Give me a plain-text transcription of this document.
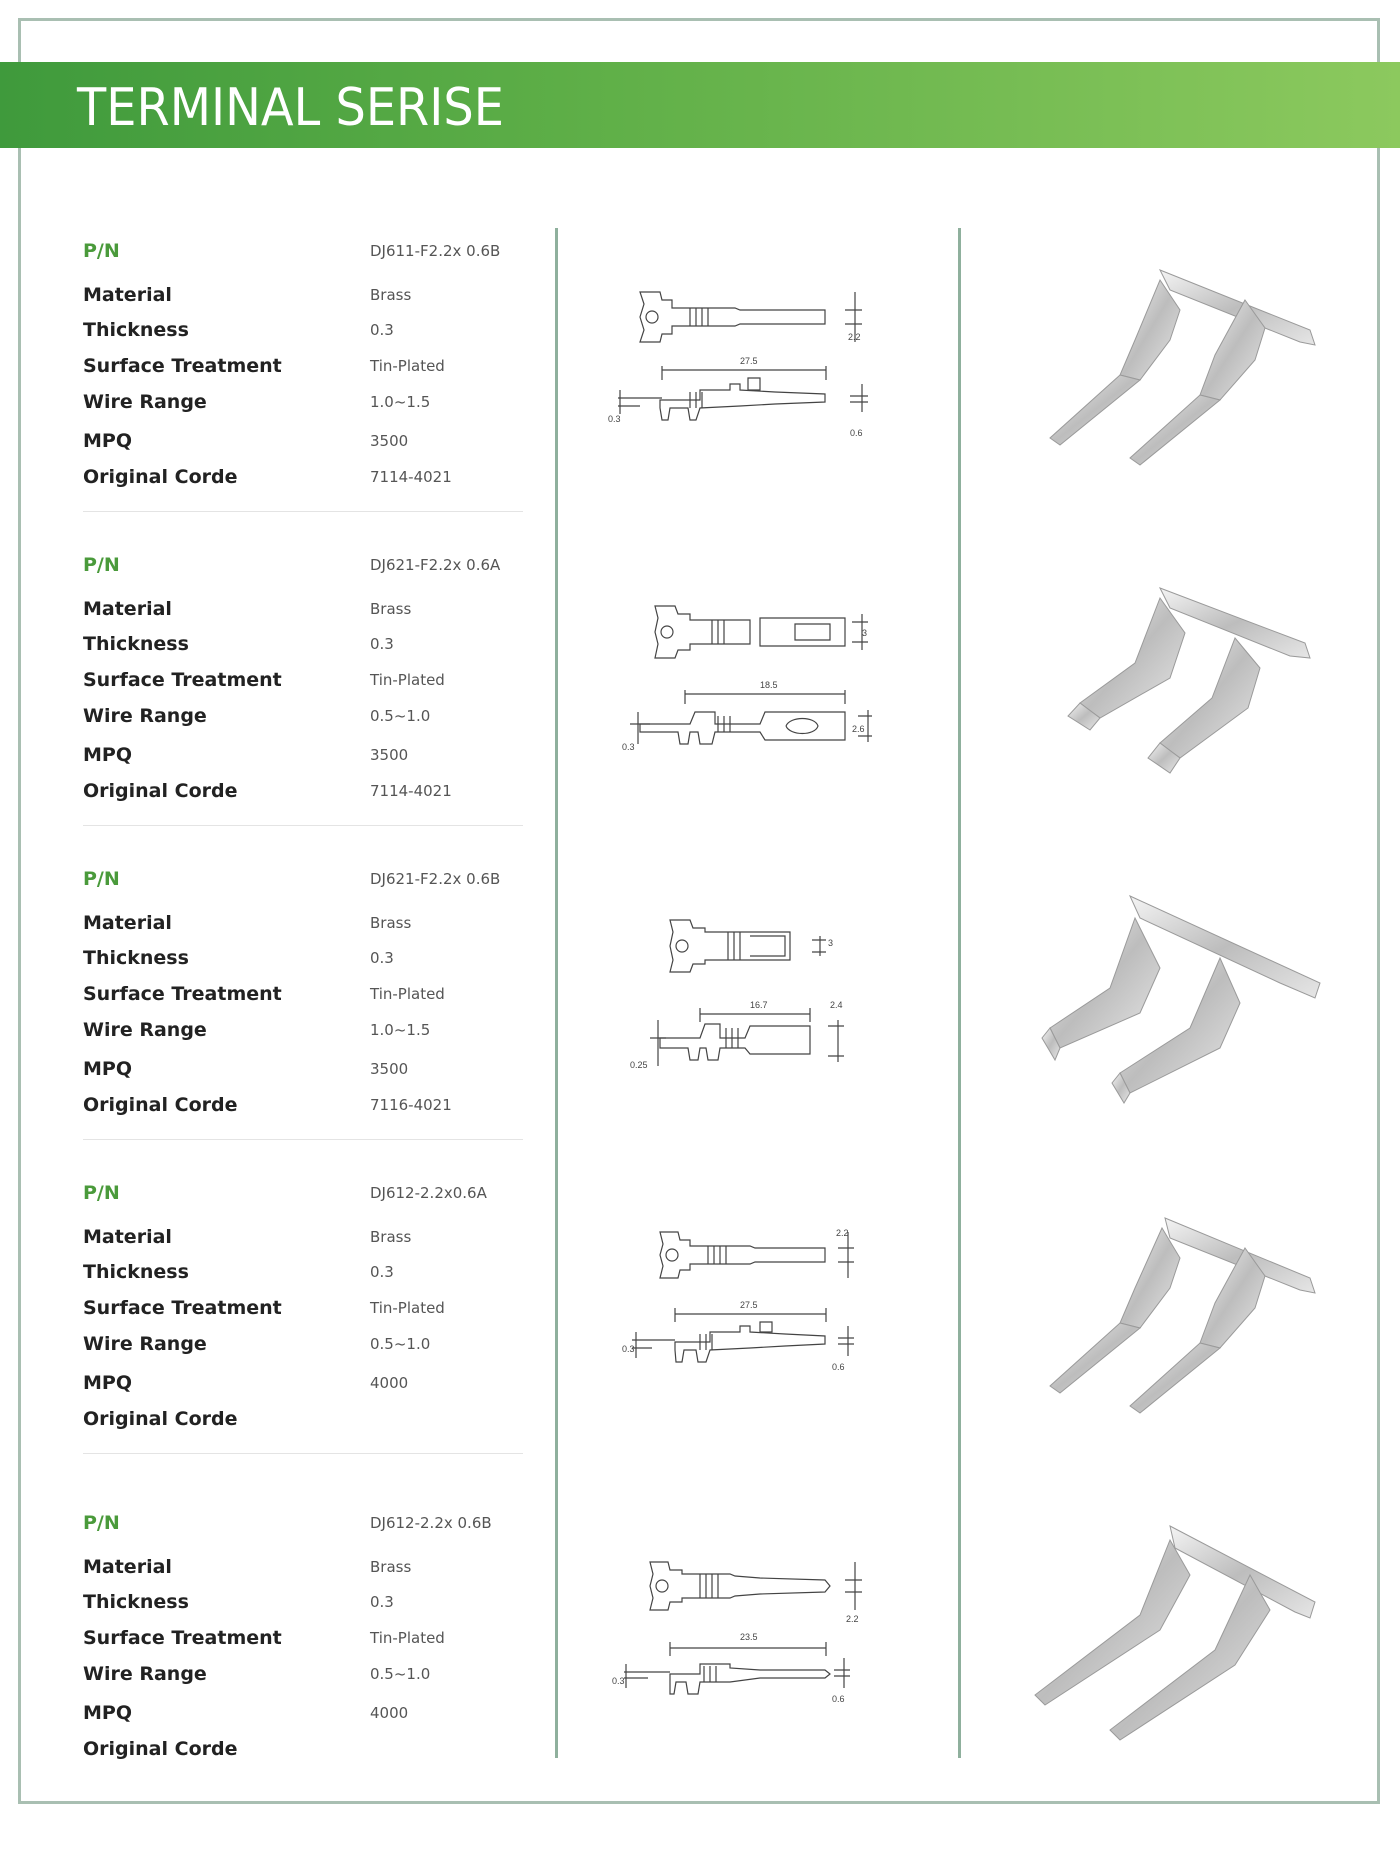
TERMINAL SERISE
P/N	DJ611-F2.2x 0.6B
Material	Brass
Thickness	0.3
Surface Treatment	Tin-Plated
Wire Range	1.0~1.5
MPQ	3500
Original Corde	7114-4021
P/N	DJ621-F2.2x 0.6A
Material	Brass
Thickness	0.3
Surface Treatment	Tin-Plated
Wire Range	0.5~1.0
MPQ	3500
Original Corde	7114-4021
P/N	DJ621-F2.2x 0.6B
Material	Brass
Thickness	0.3
Surface Treatment	Tin-Plated
Wire Range	1.0~1.5
MPQ	3500
Original Corde	7116-4021
P/N	DJ612-2.2x0.6A
Material	Brass
Thickness	0.3
Surface Treatment	Tin-Plated
Wire Range	0.5~1.0
MPQ	4000
Original Corde
P/N	DJ612-2.2x 0.6B
Material	Brass
Thickness	0.3
Surface Treatment	Tin-Plated
Wire Range	0.5~1.0
MPQ	4000
Original Corde
2.2
27.5
0.3
0.6
3
18.5
0.3
2.6
3
16.7
0.25
2.4
2.2
27.5
0.3
0.6
2.2
23.5
0.3
0.6
